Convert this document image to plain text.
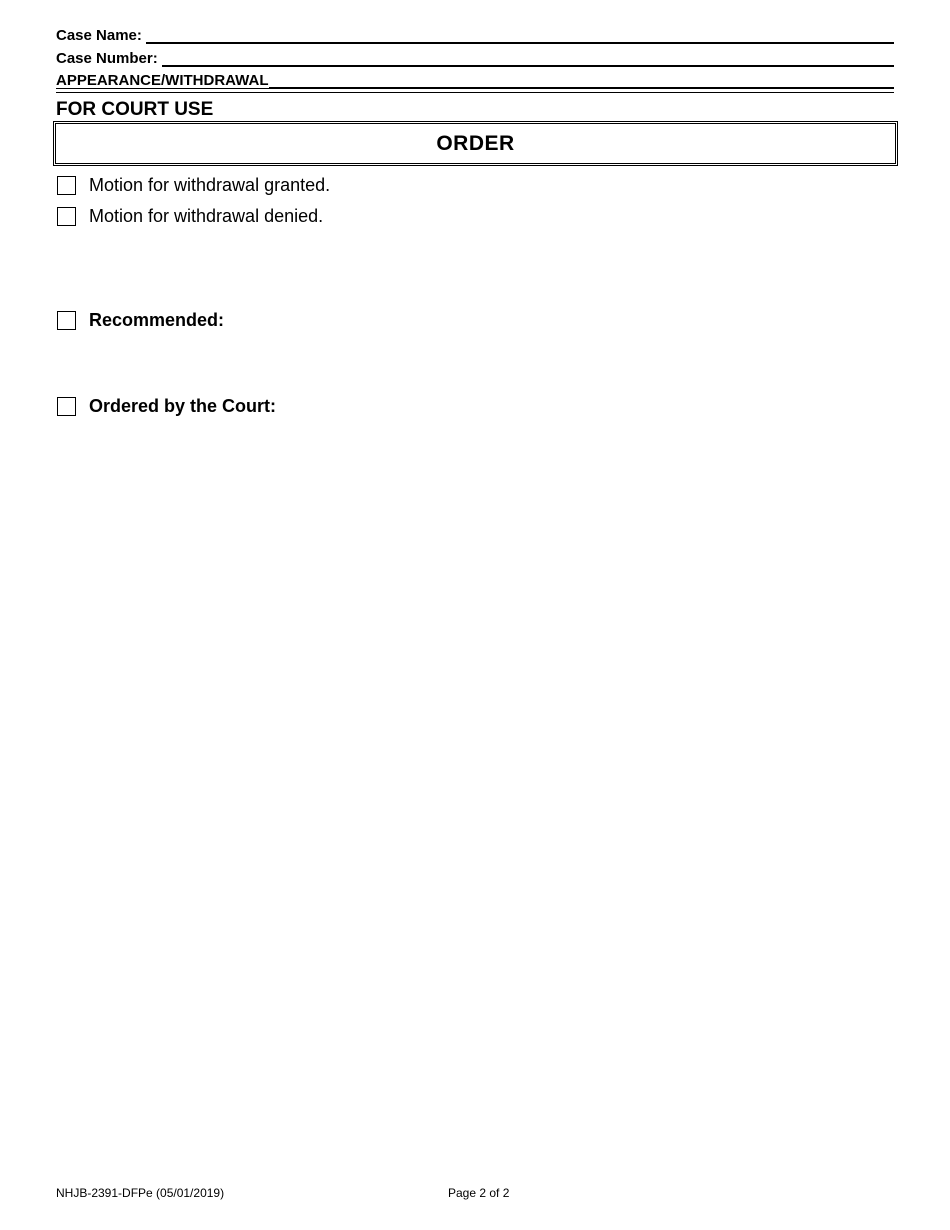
Case Name:
Case Number:
APPEARANCE/WITHDRAWAL
FOR COURT USE
ORDER
Motion for withdrawal granted.
Motion for withdrawal denied.
Recommended:
Ordered by the Court:
NHJB-2391-DFPe (05/01/2019)	Page 2 of 2
